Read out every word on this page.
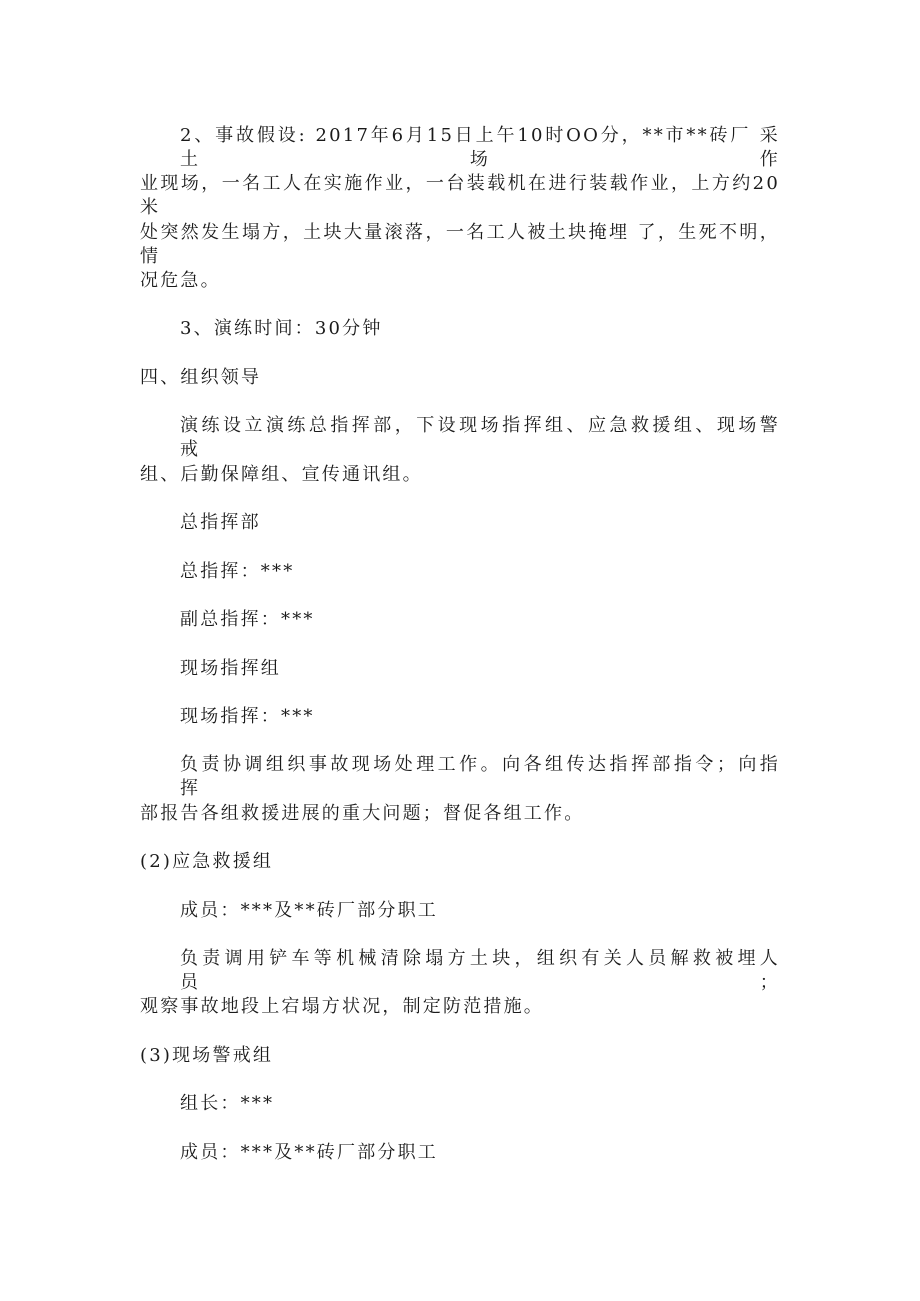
2、事故假设: 2017年6月15日上午10时OO分，**市**砖厂 采土场作
业现场，一名工人在实施作业，一台装载机在进行装载作业，上方约20米
处突然发生塌方，土块大量滚落，一名工人被土块掩埋 了，生死不明，情
况危急。
3、演练时间：30分钟
四、组织领导
演练设立演练总指挥部，下设现场指挥组、应急救援组、现场警　　戒
组、后勤保障组、宣传通讯组。
总指挥部
总指挥：***
副总指挥：***
现场指挥组
现场指挥：***
负责协调组织事故现场处理工作。向各组传达指挥部指令；向指　　挥
部报告各组救援进展的重大问题；督促各组工作。
(2)应急救援组
成员：***及**砖厂部分职工
负责调用铲车等机械清除塌方土块，组织有关人员解救被埋人　　员；
观察事故地段上宕塌方状况，制定防范措施。
(3)现场警戒组
组长：***
成员：***及**砖厂部分职工
